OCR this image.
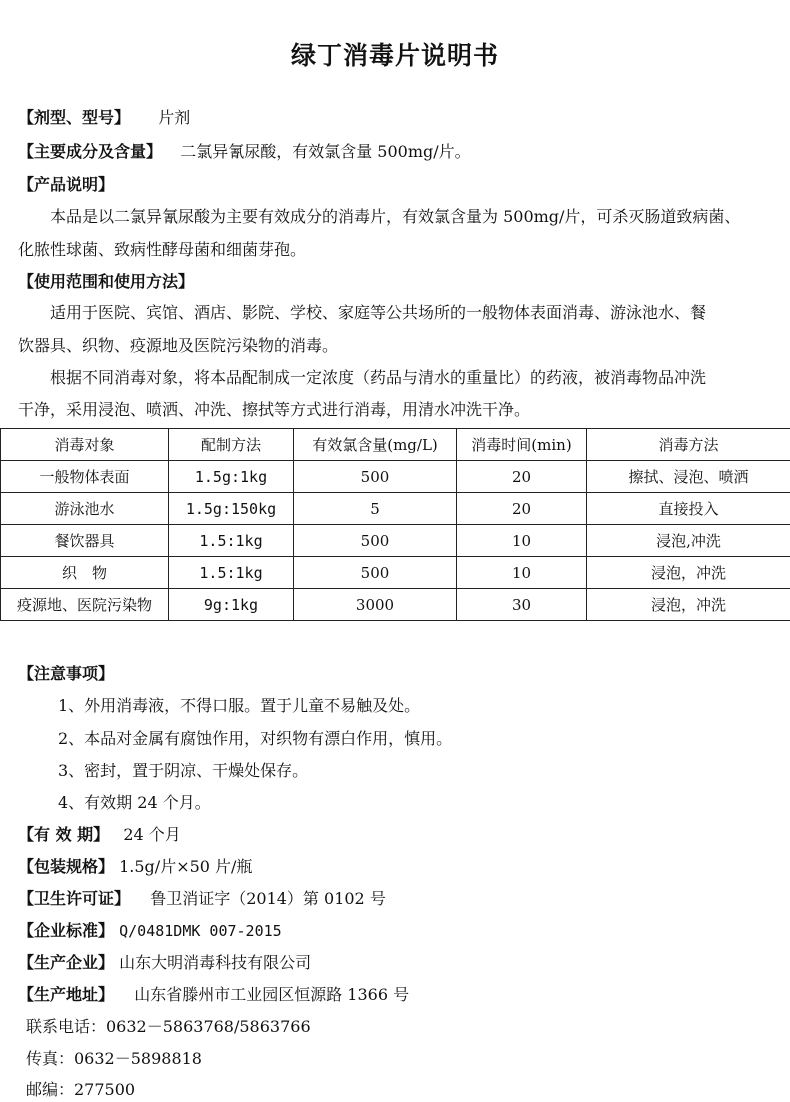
绿丁消毒片说明书
【剂型、型号】 片剂
【主要成分及含量】 二氯异氰尿酸，有效氯含量 500mg/片。
【产品说明】
本品是以二氯异氰尿酸为主要有效成分的消毒片，有效氯含量为 500mg/片，可杀灭肠道致病菌、
化脓性球菌、致病性酵母菌和细菌芽孢。
【使用范围和使用方法】
适用于医院、宾馆、酒店、影院、学校、家庭等公共场所的一般物体表面消毒、游泳池水、餐
饮器具、织物、疫源地及医院污染物的消毒。
根据不同消毒对象，将本品配制成一定浓度（药品与清水的重量比）的药液，被消毒物品冲洗
干净，采用浸泡、喷洒、冲洗、擦拭等方式进行消毒，用清水冲洗干净。
消毒对象	配制方法	有效氯含量(mg/L)	消毒时间(min)	消毒方法
一般物体表面	1.5g:1kg	500	20	擦拭、浸泡、喷洒
游泳池水	1.5g:150kg	5	20	直接投入
餐饮器具	1.5:1kg	500	10	浸泡,冲洗
织　物	1.5:1kg	500	10	浸泡，冲洗
疫源地、医院污染物	9g:1kg	3000	30	浸泡，冲洗
【注意事项】
1、外用消毒液，不得口服。置于儿童不易触及处。
2、本品对金属有腐蚀作用，对织物有漂白作用，慎用。
3、密封，置于阴凉、干燥处保存。
4、有效期 24 个月。
【有 效 期】 24 个月
【包装规格】 1.5g/片×50 片/瓶
【卫生许可证】 鲁卫消证字（2014）第 0102 号
【企业标准】 Q/0481DMK 007-2015
【生产企业】 山东大明消毒科技有限公司
【生产地址】 山东省滕州市工业园区恒源路 1366 号
联系电话：0632－5863768/5863766
传真：0632－5898818
邮编：277500
